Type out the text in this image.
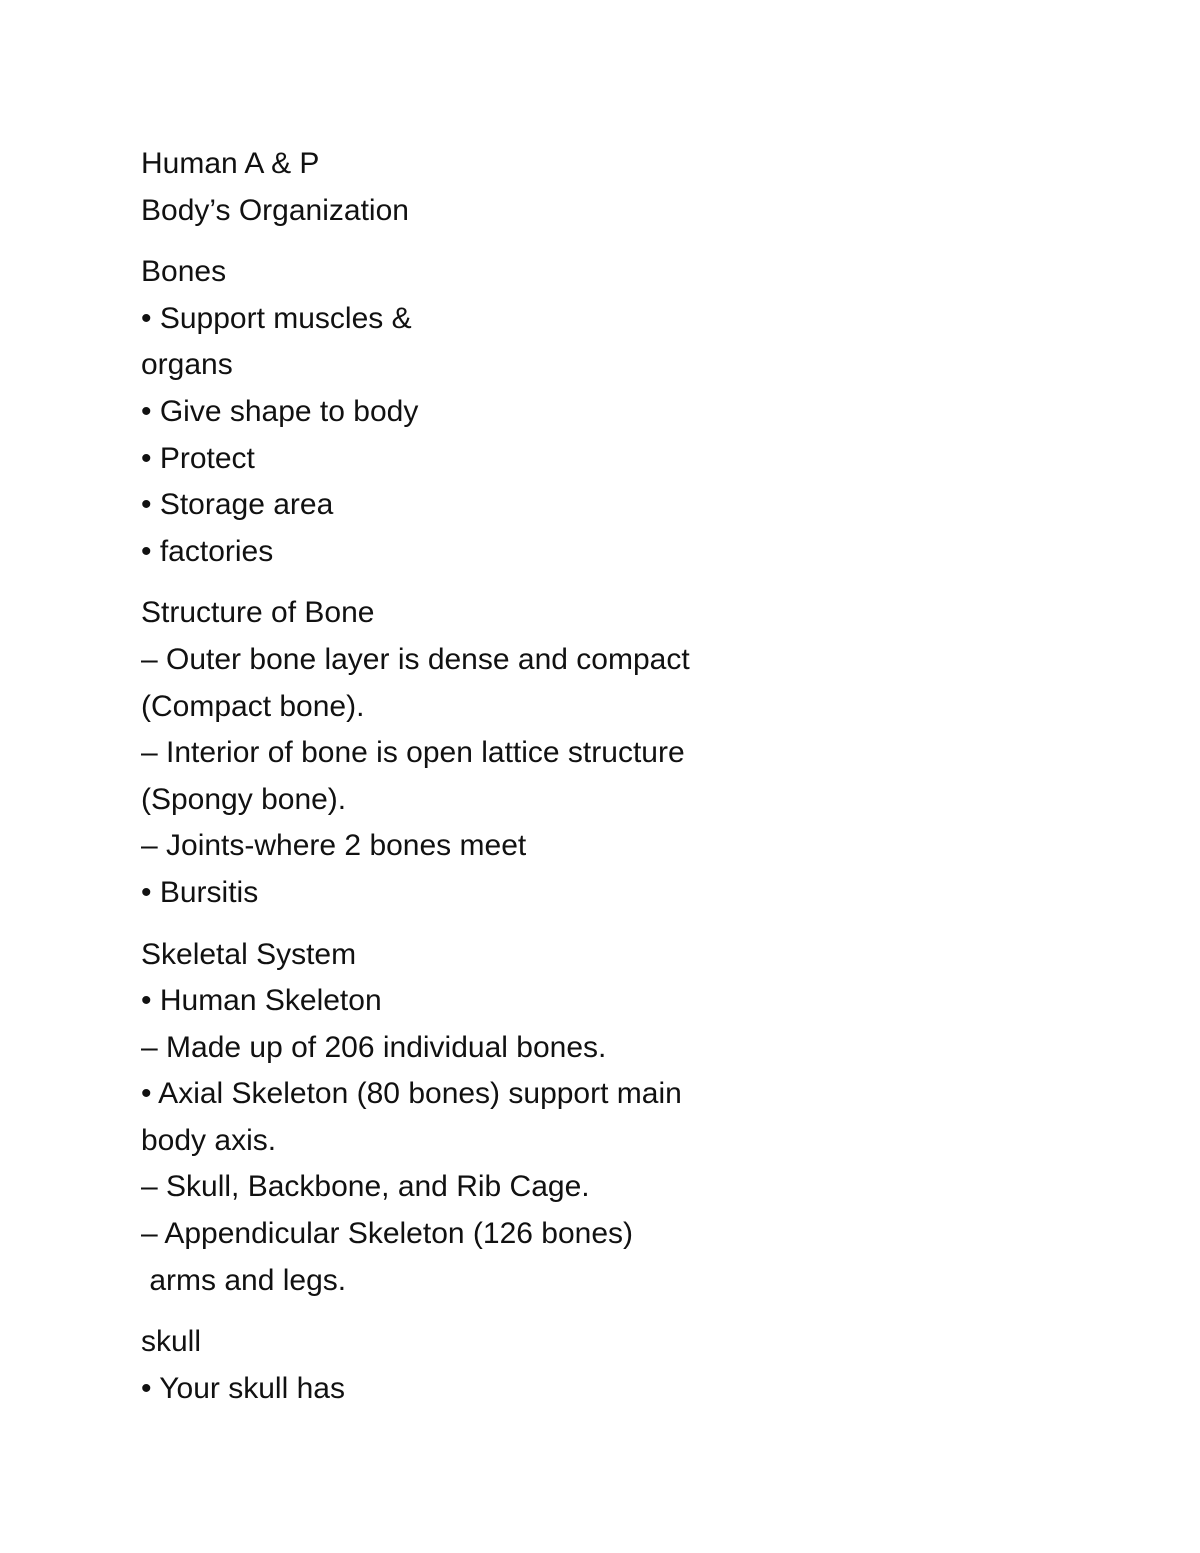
Human A & P
Body’s Organization
Bones
• Support muscles &
organs
• Give shape to body
• Protect
• Storage area
• factories
Structure of Bone
– Outer bone layer is dense and compact
(Compact bone).
– Interior of bone is open lattice structure
(Spongy bone).
– Joints-where 2 bones meet
• Bursitis
Skeletal System
• Human Skeleton
– Made up of 206 individual bones.
• Axial Skeleton (80 bones) support main
body axis.
– Skull, Backbone, and Rib Cage.
– Appendicular Skeleton (126 bones)
arms and legs.
skull
• Your skull has
